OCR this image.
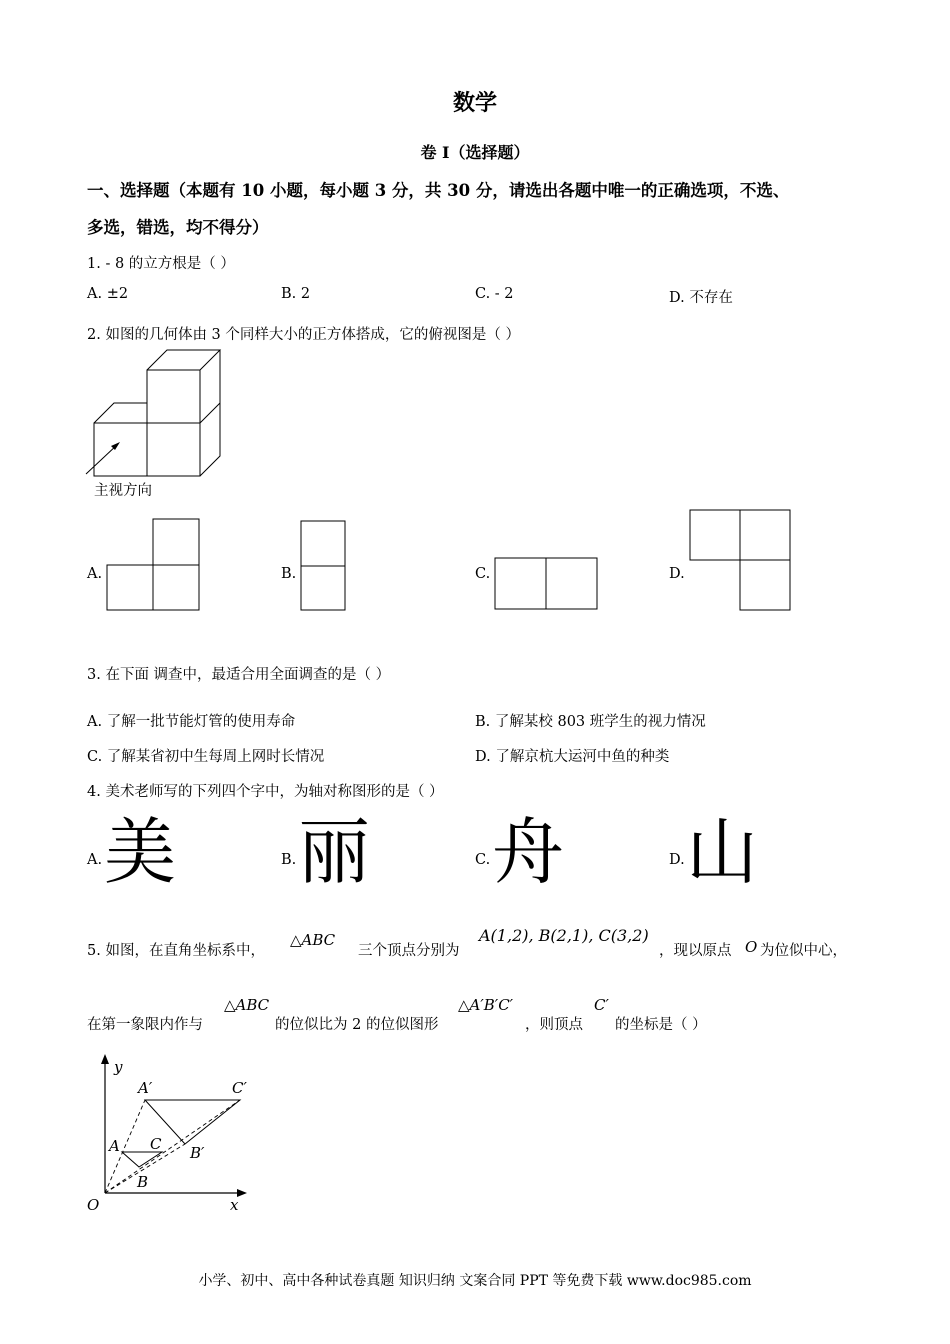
数学
卷 I（选择题）
一、选择题（本题有 10 小题，每小题 3 分，共 30 分，请选出各题中唯一的正确选项，不选、
多选，错选，均不得分）
1. - 8 的立方根是（ ）
A. ±2	B. 2	C. - 2	D. 不存在
2. 如图的几何体由 3 个同样大小的正方体搭成，它的俯视图是（ ）
主视方向
A.	B.	C.	D.
3. 在下面 调查中，最适合用全面调查的是（ ）
A. 了解一批节能灯管的使用寿命	B. 了解某校 803 班学生的视力情况
C. 了解某省初中生每周上网时长情况	D. 了解京杭大运河中鱼的种类
4. 美术老师写的下列四个字中，为轴对称图形的是（ ）
A. 美	B. 丽	C. 舟	D. 山
5. 如图，在直角坐标系中，
△ABC
三个顶点分别为
A(1,2), B(2,1), C(3,2)
，现以原点 O 为位似中心，
在第一象限内作与
△ABC
的位似比为 2 的位似图形
△A′B′C′
，则顶点
C′
的坐标是（ ）
y
x
O
A
B
C
A′
B′
C′
小学、初中、高中各种试卷真题 知识归纳 文案合同 PPT 等免费下载 www.doc985.com
